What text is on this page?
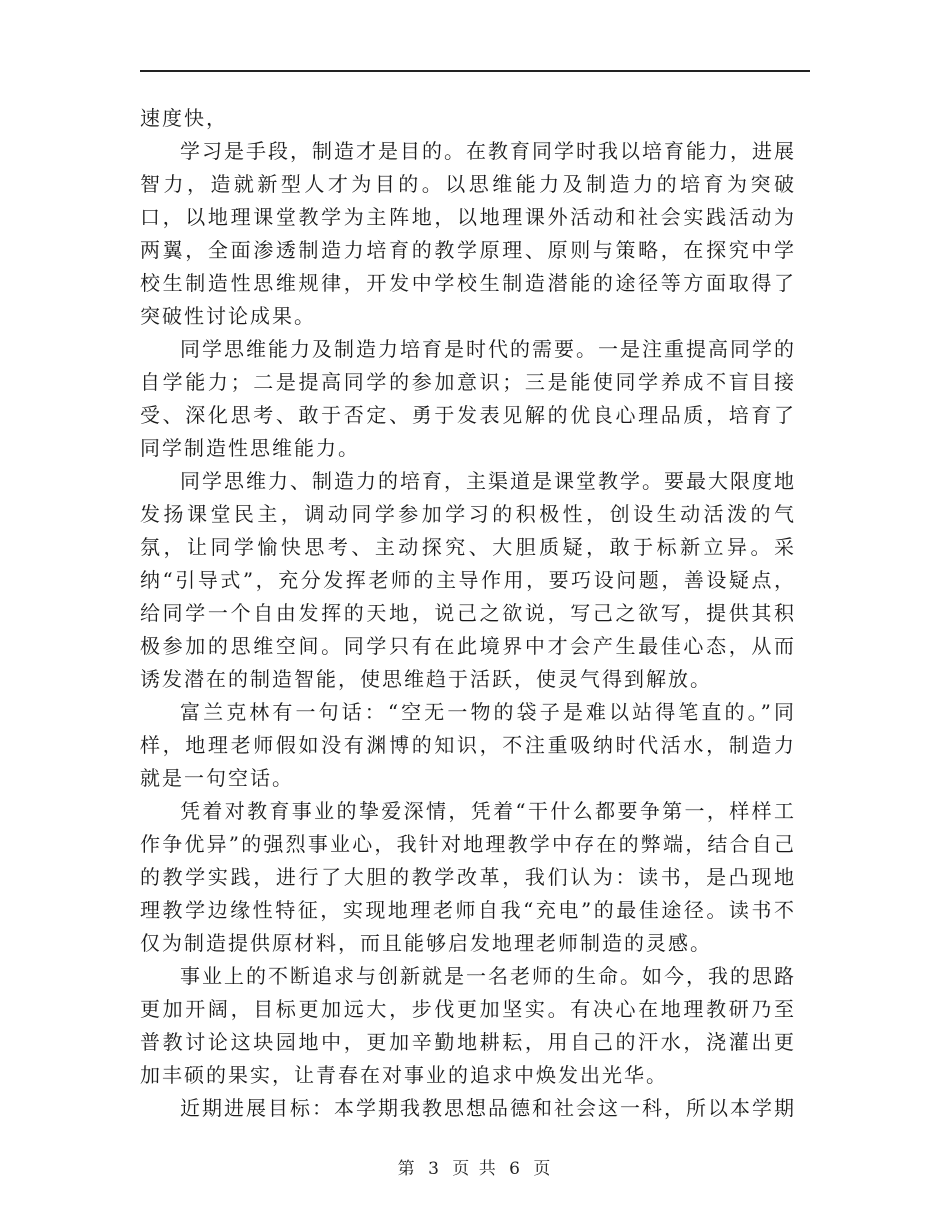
速度快，

学习是手段，制造才是目的。在教育同学时我以培育能力，进展智力，造就新型人才为目的。以思维能力及制造力的培育为突破口，以地理课堂教学为主阵地，以地理课外活动和社会实践活动为两翼，全面渗透制造力培育的教学原理、原则与策略，在探究中学校生制造性思维规律，开发中学校生制造潜能的途径等方面取得了突破性讨论成果。

同学思维能力及制造力培育是时代的需要。一是注重提高同学的自学能力；二是提高同学的参加意识；三是能使同学养成不盲目接受、深化思考、敢于否定、勇于发表见解的优良心理品质，培育了同学制造性思维能力。

同学思维力、制造力的培育，主渠道是课堂教学。要最大限度地发扬课堂民主，调动同学参加学习的积极性，创设生动活泼的气氛，让同学愉快思考、主动探究、大胆质疑，敢于标新立异。采纳“引导式”，充分发挥老师的主导作用，要巧设问题，善设疑点，给同学一个自由发挥的天地，说己之欲说，写己之欲写，提供其积极参加的思维空间。同学只有在此境界中才会产生最佳心态，从而诱发潜在的制造智能，使思维趋于活跃，使灵气得到解放。

富兰克林有一句话：“空无一物的袋子是难以站得笔直的。”同样，地理老师假如没有渊博的知识，不注重吸纳时代活水，制造力就是一句空话。

凭着对教育事业的挚爱深情，凭着“干什么都要争第一，样样工作争优异”的强烈事业心，我针对地理教学中存在的弊端，结合自己的教学实践，进行了大胆的教学改革，我们认为：读书，是凸现地理教学边缘性特征，实现地理老师自我“充电”的最佳途径。读书不仅为制造提供原材料，而且能够启发地理老师制造的灵感。

事业上的不断追求与创新就是一名老师的生命。如今，我的思路更加开阔，目标更加远大，步伐更加坚实。有决心在地理教研乃至普教讨论这块园地中，更加辛勤地耕耘，用自己的汗水，浇灌出更加丰硕的果实，让青春在对事业的追求中焕发出光华。

近期进展目标：本学期我教思想品德和社会这一科，所以本学期

第 3 页 共 6 页
